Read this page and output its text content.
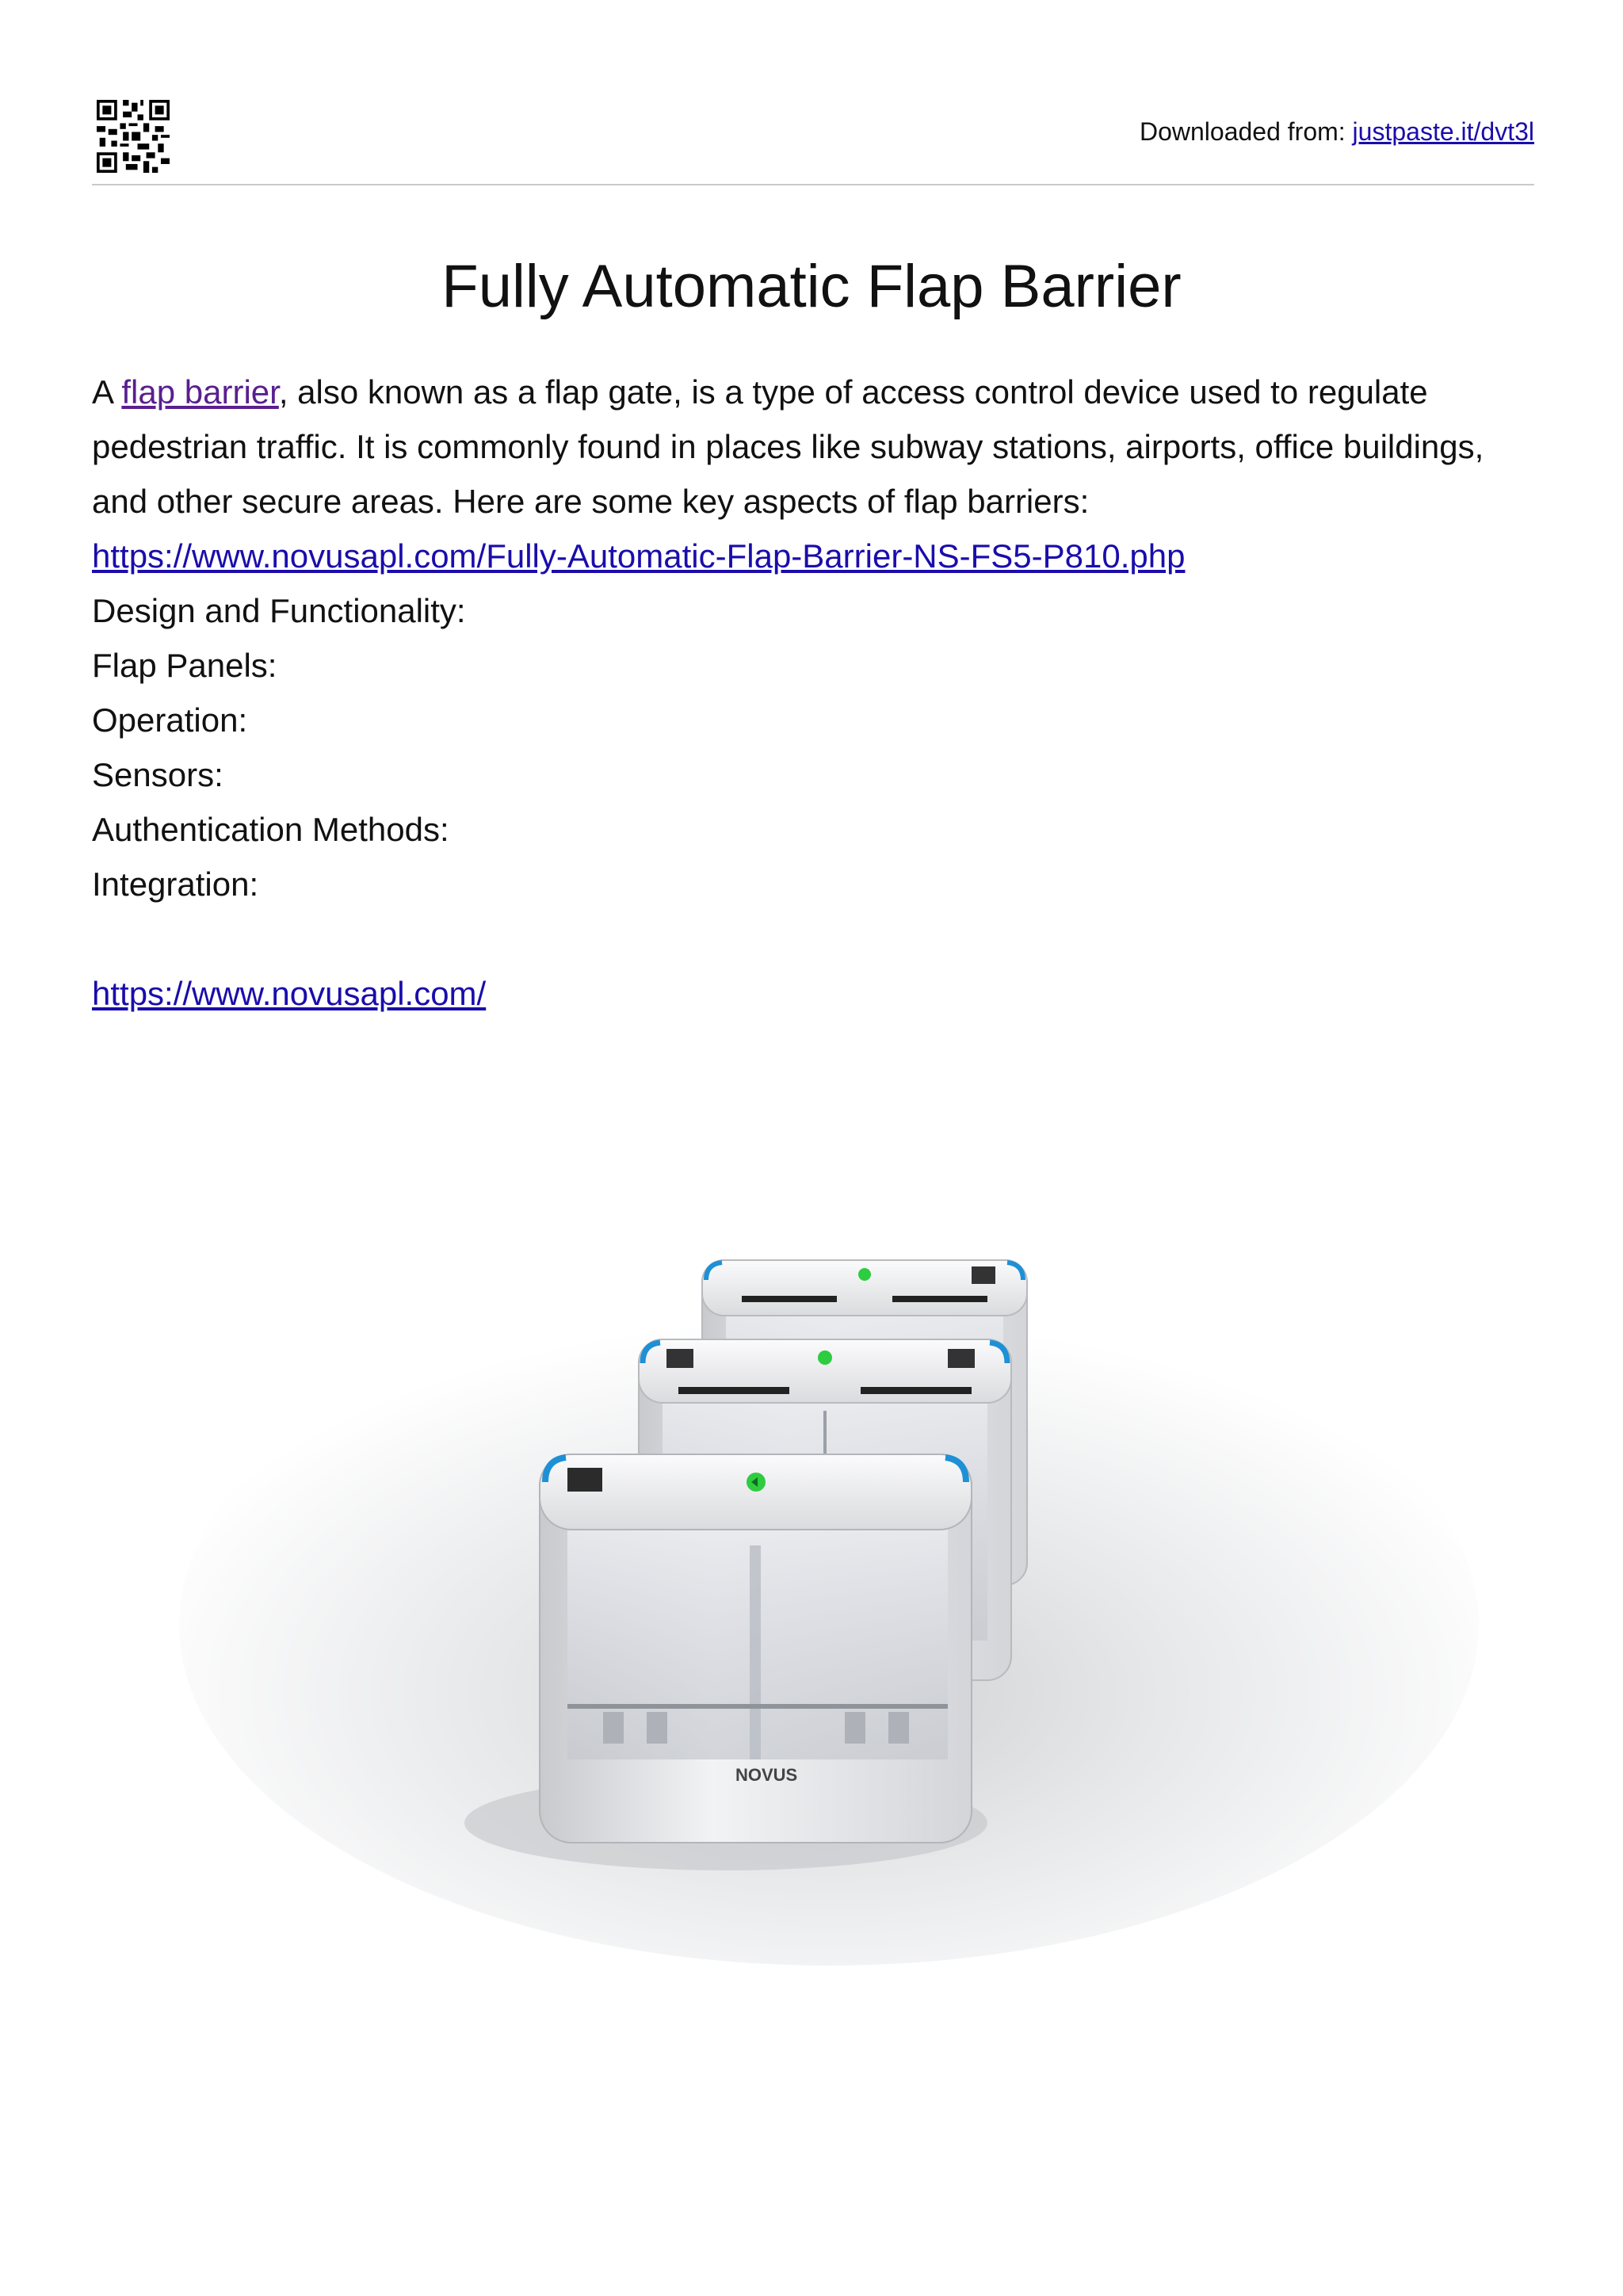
Downloaded from: justpaste.it/dvt3l
Fully Automatic Flap Barrier

A flap barrier, also known as a flap gate, is a type of access control device used to regulate pedestrian traffic. It is commonly found in places like subway stations, airports, office buildings, and other secure areas. Here are some key aspects of flap barriers:

https://www.novusapl.com/Fully-Automatic-Flap-Barrier-NS-FS5-P810.php
Design and Functionality:
Flap Panels:
Operation:
Sensors:
Authentication Methods:
Integration:
https://www.novusapl.com/
NOVUS
